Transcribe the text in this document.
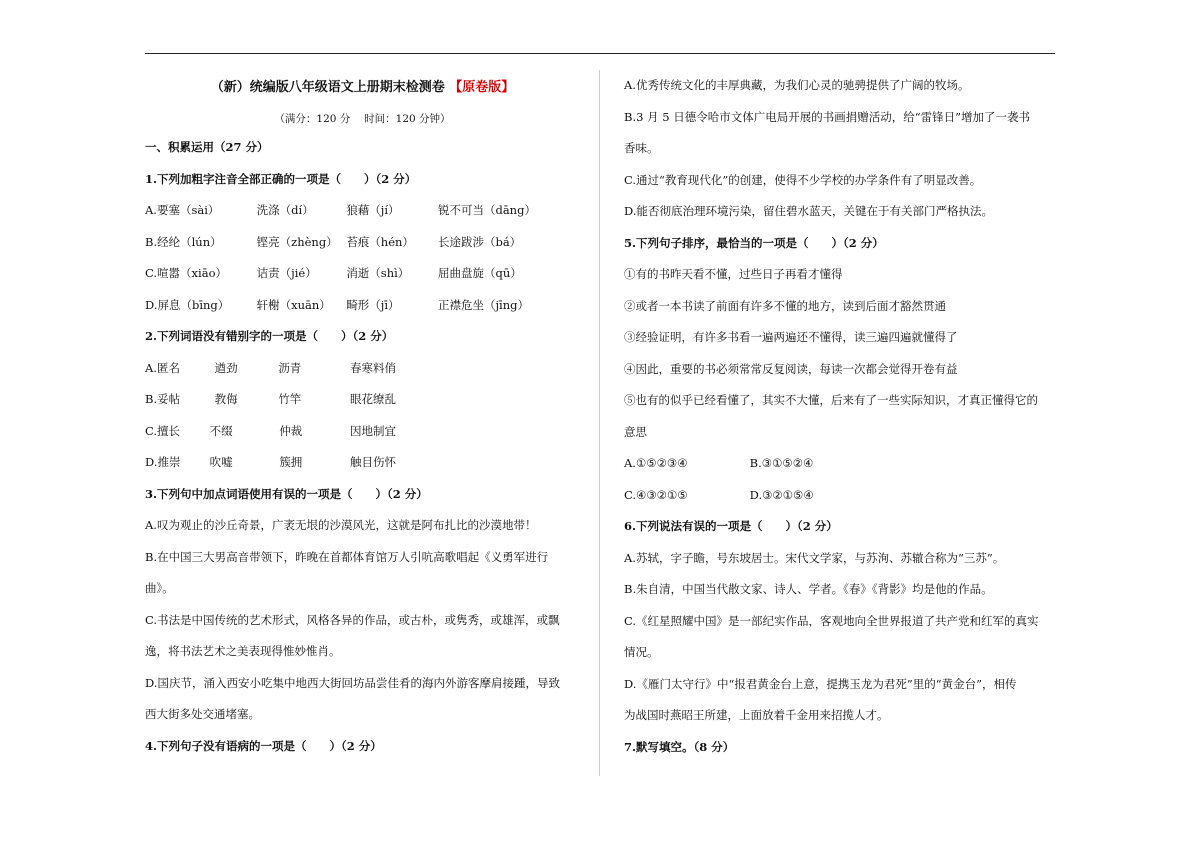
（新）统编版八年级语文上册期末检测卷 【原卷版】
（满分：120 分　 时间：120 分钟）
一、积累运用（27 分）
1.下列加粗字注音全部正确的一项是（　　）（2 分）
A.要塞（sài）	洗涤（dí）	狼藉（jí）	锐不可当（dāng）
B.经纶（lún）	铿亮（zhèng） 苔痕（hén） 长途跋涉（bá）
C.喧嚣（xiāo）	诘责（jié）	消逝（shì） 屈曲盘旋（qū）
D.屏息（bīng） 轩榭（xuān） 畸形（jī）	正襟危坐（jīng）
2.下列词语没有错别字的一项是（　　）（2 分）
A.匿名	遒劲	沥青	春寒料俏
B.妥帖	教侮	竹竿	眼花缭乱
C.擅长	不缀	仲裁	因地制宜
D.推崇	吹嘘	簇拥	触目伤怀
3.下列句中加点词语使用有误的一项是（　　）（2 分）
A.叹为观止的沙丘奇景，广袤无垠的沙漠风光，这就是阿布扎比的沙漠地带！
B.在中国三大男高音带领下，昨晚在首都体育馆万人引吭高歌唱起《义勇军进行
曲》。
C.书法是中国传统的艺术形式，风格各异的作品，或古朴，或隽秀，或雄浑，或飘
逸，将书法艺术之美表现得惟妙惟肖。
D.国庆节，涌入西安小吃集中地西大街回坊品尝佳肴的海内外游客摩肩接踵，导致
西大街多处交通堵塞。
4.下列句子没有语病的一项是（　　）（2 分）
A.优秀传统文化的丰厚典藏，为我们心灵的驰骋提供了广阔的牧场。
B.3 月 5 日德令哈市文体广电局开展的书画捐赠活动，给“雷锋日”增加了一袭书
香味。
C.通过“教育现代化”的创建，使得不少学校的办学条件有了明显改善。
D.能否彻底治理环境污染，留住碧水蓝天，关键在于有关部门严格执法。
5.下列句子排序，最恰当的一项是（　　）（2 分）
①有的书昨天看不懂，过些日子再看才懂得
②或者一本书读了前面有许多不懂的地方，读到后面才豁然贯通
③经验证明，有许多书看一遍两遍还不懂得，读三遍四遍就懂得了
④因此，重要的书必须常常反复阅读，每读一次都会觉得开卷有益
⑤也有的似乎已经看懂了，其实不大懂，后来有了一些实际知识，才真正懂得它的
意思
A.①⑤②③④	B.③①⑤②④
C.④③②①⑤	D.③②①⑤④
6.下列说法有误的一项是（　　）（2 分）
A.苏轼，字子瞻，号东坡居士。宋代文学家，与苏洵、苏辙合称为“三苏”。
B.朱自清，中国当代散文家、诗人、学者。《春》《背影》均是他的作品。
C.《红星照耀中国》是一部纪实作品，客观地向全世界报道了共产党和红军的真实
情况。
D.《雁门太守行》中“报君黄金台上意，提携玉龙为君死”里的“黄金台”，相传
为战国时燕昭王所建，上面放着千金用来招揽人才。
7.默写填空。（8 分）
